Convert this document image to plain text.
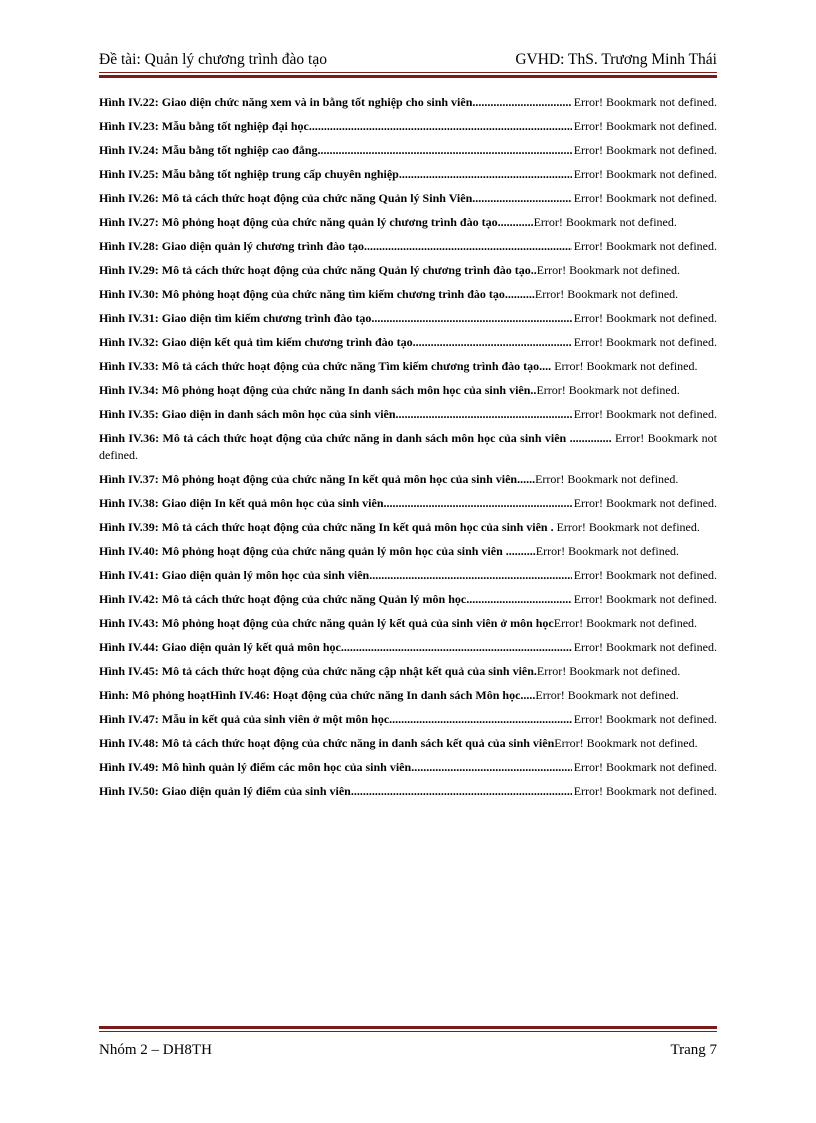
Đề tài: Quản lý chương trình đào tạo	GVHD: ThS. Trương Minh Thái
Hình IV.22: Giao diện chức năng xem và in bằng tốt nghiệp cho sinh viên .....	Error! Bookmark not defined.
Hình IV.23: Mẫu bằng tốt nghiệp đại học .....	Error! Bookmark not defined.
Hình IV.24: Mẫu bằng tốt nghiệp cao đẳng .....	Error! Bookmark not defined.
Hình IV.25: Mẫu bằng tốt nghiệp trung cấp chuyên nghiệp .....	Error! Bookmark not defined.
Hình IV.26: Mô tả cách thức hoạt động của chức năng Quản lý Sinh Viên .....	Error! Bookmark not defined.
Hình IV.27: Mô phỏng hoạt động của chức năng quản lý chương trình đào tạo............Error! Bookmark not defined.
Hình IV.28: Giao diện quản lý chương trình đào tạo .....	Error! Bookmark not defined.
Hình IV.29: Mô tả cách thức hoạt động của chức năng Quản lý chương trình đào tạo..Error! Bookmark not defined.
Hình IV.30: Mô phỏng hoạt động của chức năng tìm kiếm chương trình đào tạo..........Error! Bookmark not defined.
Hình IV.31: Giao diện tìm kiếm chương trình đào tạo .....	Error! Bookmark not defined.
Hình IV.32: Giao diện kết quả tìm kiếm chương trình đào tạo .....	Error! Bookmark not defined.
Hình IV.33: Mô tả cách thức hoạt động của chức năng Tìm kiếm chương trình đào tạo.... Error! Bookmark not defined.
Hình IV.34: Mô phỏng hoạt động của chức năng In danh sách môn học của sinh viên..Error! Bookmark not defined.
Hình IV.35: Giao diện in danh sách môn học của sinh viên .....	Error! Bookmark not defined.
Hình IV.36: Mô tả cách thức hoạt động của chức năng in danh sách môn học của sinh viên .............. Error! Bookmark not defined.
Hình IV.37: Mô phỏng hoạt động của chức năng In kết quả môn học của sinh viên......Error! Bookmark not defined.
Hình IV.38: Giao diện In kết quả môn học của sinh viên .....	Error! Bookmark not defined.
Hình IV.39: Mô tả cách thức hoạt động của chức năng In kết quả môn học của sinh viên . Error! Bookmark not defined.
Hình IV.40: Mô phỏng hoạt động của chức năng quản lý môn học của sinh viên ..........Error! Bookmark not defined.
Hình IV.41: Giao diện quản lý môn học của sinh viên .....	Error! Bookmark not defined.
Hình IV.42: Mô tả cách thức hoạt động của chức năng Quản lý môn học .....	Error! Bookmark not defined.
Hình IV.43: Mô phỏng hoạt động của chức năng quản lý kết quả của sinh viên ở môn họcError! Bookmark not defined.
Hình IV.44: Giao diện quản lý kết quả môn học .....	Error! Bookmark not defined.
Hình IV.45: Mô tả cách thức hoạt động của chức năng cập nhật kết quả của sinh viên.Error! Bookmark not defined.
Hình: Mô phỏng hoạtHình IV.46: Hoạt động của chức năng In danh sách Môn học.....Error! Bookmark not defined.
Hình IV.47: Mẫu in kết quả của sinh viên ở một môn học .....	Error! Bookmark not defined.
Hình IV.48: Mô tả cách thức hoạt động của chức năng in danh sách kết quả của sinh viênError! Bookmark not defined.
Hình IV.49: Mô hình quản lý điểm các môn học của sinh viên .....	Error! Bookmark not defined.
Hình IV.50: Giao diện quản lý điểm của sinh viên .....	Error! Bookmark not defined.
Nhóm 2 – DH8TH	Trang 7
